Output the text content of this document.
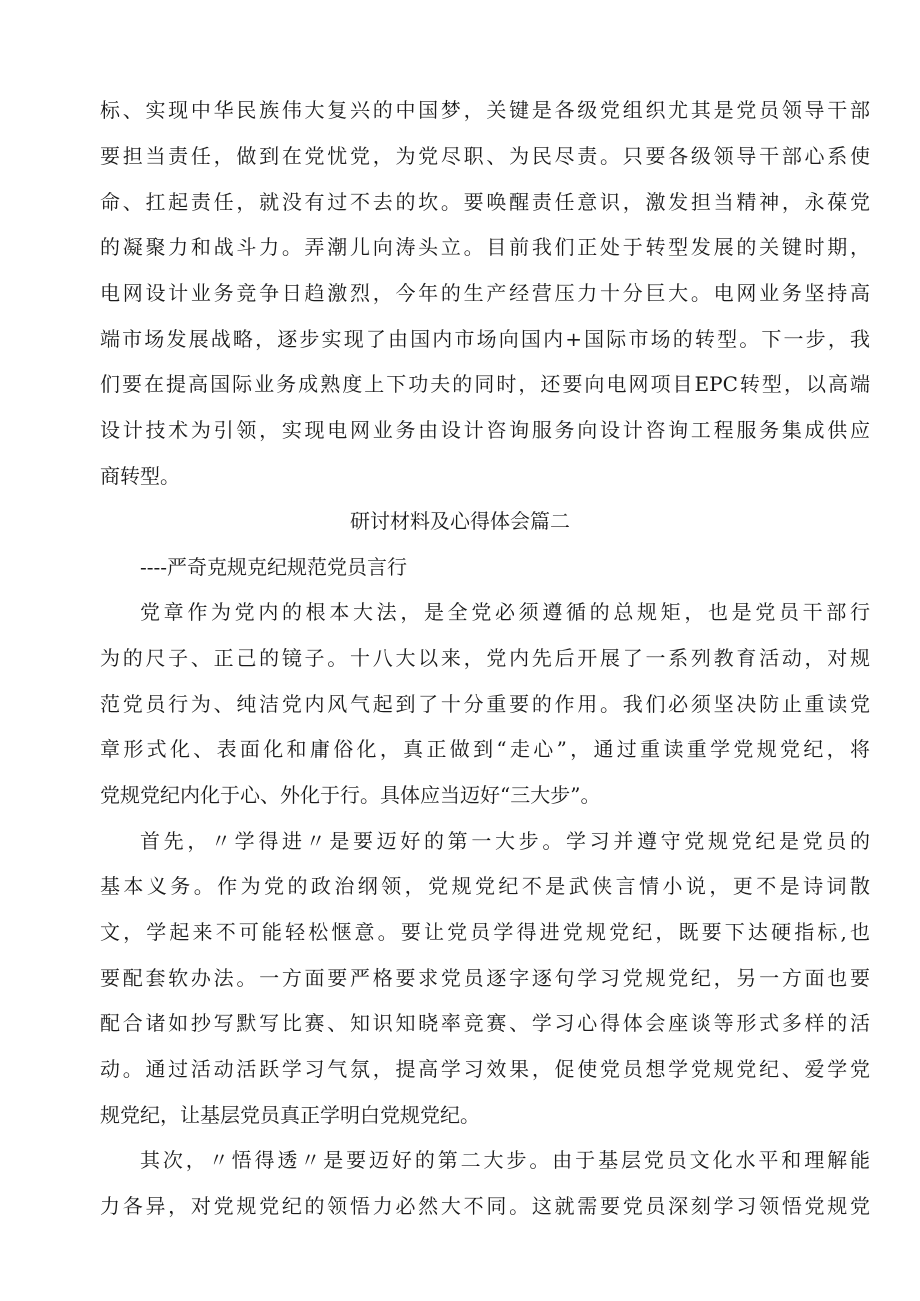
标、实现中华民族伟大复兴的中国梦，关键是各级党组织尤其是党员领导干部
要担当责任，做到在党忧党，为党尽职、为民尽责。只要各级领导干部心系使
命、扛起责任，就没有过不去的坎。要唤醒责任意识，激发担当精神，永葆党
的凝聚力和战斗力。弄潮儿向涛头立。目前我们正处于转型发展的关键时期，
电网设计业务竞争日趋激烈，今年的生产经营压力十分巨大。电网业务坚持高
端市场发展战略，逐步实现了由国内市场向国内+国际市场的转型。下一步，我
们要在提高国际业务成熟度上下功夫的同时，还要向电网项目EPC转型，以高端
设计技术为引领，实现电网业务由设计咨询服务向设计咨询工程服务集成供应
商转型。
研讨材料及心得体会篇二
----严奇克规克纪规范党员言行
党章作为党内的根本大法，是全党必须遵循的总规矩，也是党员干部行
为的尺子、正己的镜子。十八大以来，党内先后开展了一系列教育活动，对规
范党员行为、纯洁党内风气起到了十分重要的作用。我们必须坚决防止重读党
章形式化、表面化和庸俗化，真正做到“走心”，通过重读重学党规党纪，将
党规党纪内化于心、外化于行。具体应当迈好“三大步”。
首先，〃学得进〃是要迈好的第一大步。学习并遵守党规党纪是党员的
基本义务。作为党的政治纲领，党规党纪不是武侠言情小说，更不是诗词散
文，学起来不可能轻松惬意。要让党员学得进党规党纪，既要下达硬指标,也
要配套软办法。一方面要严格要求党员逐字逐句学习党规党纪，另一方面也要
配合诸如抄写默写比赛、知识知晓率竞赛、学习心得体会座谈等形式多样的活
动。通过活动活跃学习气氛，提高学习效果，促使党员想学党规党纪、爱学党
规党纪，让基层党员真正学明白党规党纪。
其次，〃悟得透〃是要迈好的第二大步。由于基层党员文化水平和理解能
力各异，对党规党纪的领悟力必然大不同。这就需要党员深刻学习领悟党规党
